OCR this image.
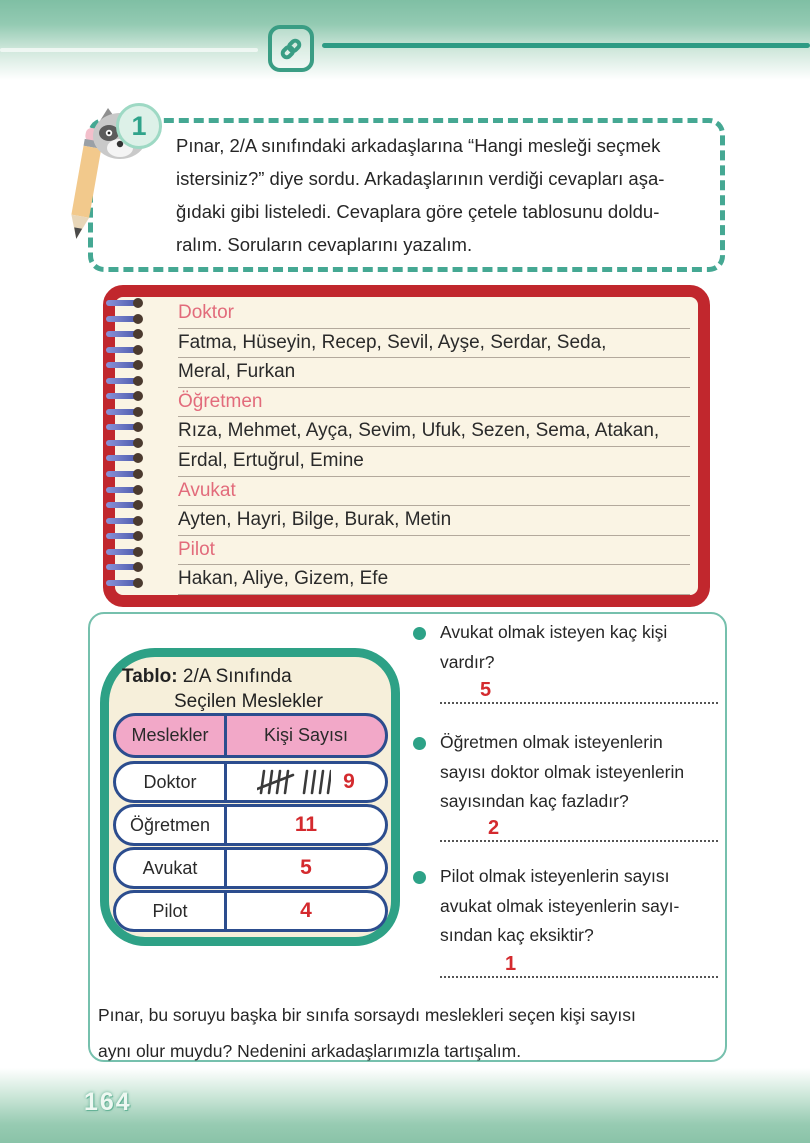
Pınar, 2/A sınıfındaki arkadaşlarına “Hangi mesleği seçmek
istersiniz?” diye sordu. Arkadaşlarının verdiği cevapları aşa-
ğıdaki gibi listeledi. Cevaplara göre çetele tablosunu doldu-
ralım. Soruların cevaplarını yazalım.
1
Doktor
Fatma, Hüseyin, Recep, Sevil, Ayşe, Serdar, Seda,
Meral, Furkan
Öğretmen
Rıza, Mehmet, Ayça, Sevim, Ufuk, Sezen, Sema, Atakan,
Erdal, Ertuğrul, Emine
Avukat
Ayten, Hayri, Bilge, Burak, Metin
Pilot
Hakan, Aliye, Gizem, Efe
Tablo: 2/A Sınıfında
Seçilen Meslekler
Meslekler	Kişi Sayısı
Doktor	9
Öğretmen	11
Avukat	5
Pilot	4
Avukat olmak isteyen kaç kişi
vardır?
5
Öğretmen olmak isteyenlerin
sayısı doktor olmak isteyenlerin
sayısından kaç fazladır?
2
Pilot olmak isteyenlerin sayısı
avukat olmak isteyenlerin sayı-
sından kaç eksiktir?
1
Pınar, bu soruyu başka bir sınıfa sorsaydı meslekleri seçen kişi sayısı
aynı olur muydu? Nedenini arkadaşlarımızla tartışalım.
164
